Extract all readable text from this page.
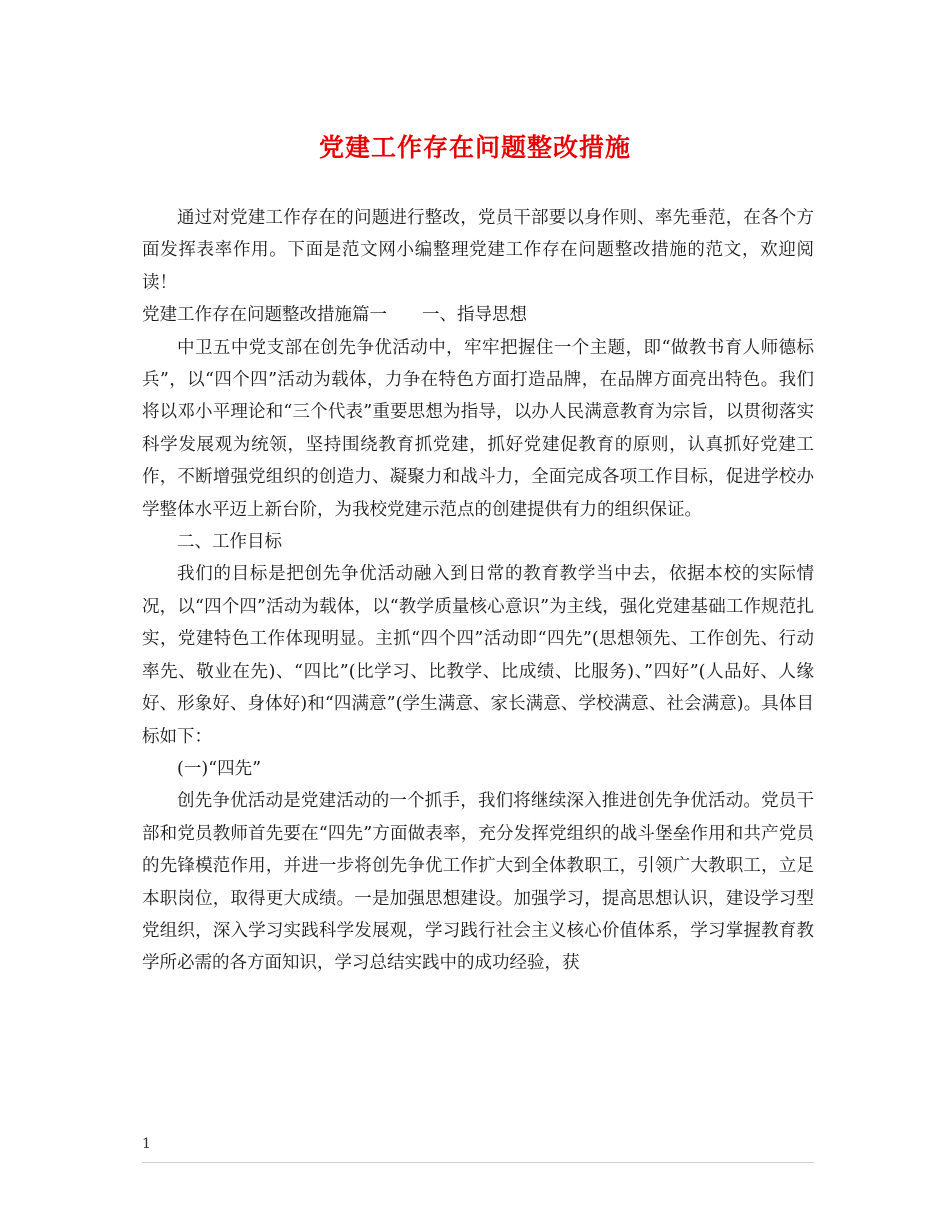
党建工作存在问题整改措施

通过对党建工作存在的问题进行整改，党员干部要以身作则、率先垂范，在各个方面发挥表率作用。下面是范文网小编整理党建工作存在问题整改措施的范文，欢迎阅读！

党建工作存在问题整改措施篇一　　一、指导思想

中卫五中党支部在创先争优活动中，牢牢把握住一个主题，即“做教书育人师德标兵”，以“四个四”活动为载体，力争在特色方面打造品牌，在品牌方面亮出特色。我们将以邓小平理论和“三个代表”重要思想为指导，以办人民满意教育为宗旨，以贯彻落实科学发展观为统领，坚持围绕教育抓党建，抓好党建促教育的原则，认真抓好党建工作，不断增强党组织的创造力、凝聚力和战斗力，全面完成各项工作目标，促进学校办学整体水平迈上新台阶，为我校党建示范点的创建提供有力的组织保证。

二、工作目标

我们的目标是把创先争优活动融入到日常的教育教学当中去，依据本校的实际情况，以“四个四”活动为载体，以“教学质量核心意识”为主线，强化党建基础工作规范扎实，党建特色工作体现明显。主抓“四个四”活动即“四先”(思想领先、工作创先、行动率先、敬业在先)、“四比”(比学习、比教学、比成绩、比服务)、”四好”(人品好、人缘好、形象好、身体好)和“四满意”(学生满意、家长满意、学校满意、社会满意)。具体目标如下：

(一)“四先”

创先争优活动是党建活动的一个抓手，我们将继续深入推进创先争优活动。党员干部和党员教师首先要在“四先”方面做表率，充分发挥党组织的战斗堡垒作用和共产党员的先锋模范作用，并进一步将创先争优工作扩大到全体教职工，引领广大教职工，立足本职岗位，取得更大成绩。一是加强思想建设。加强学习，提高思想认识，建设学习型党组织，深入学习实践科学发展观，学习践行社会主义核心价值体系，学习掌握教育教学所必需的各方面知识，学习总结实践中的成功经验，获

1
